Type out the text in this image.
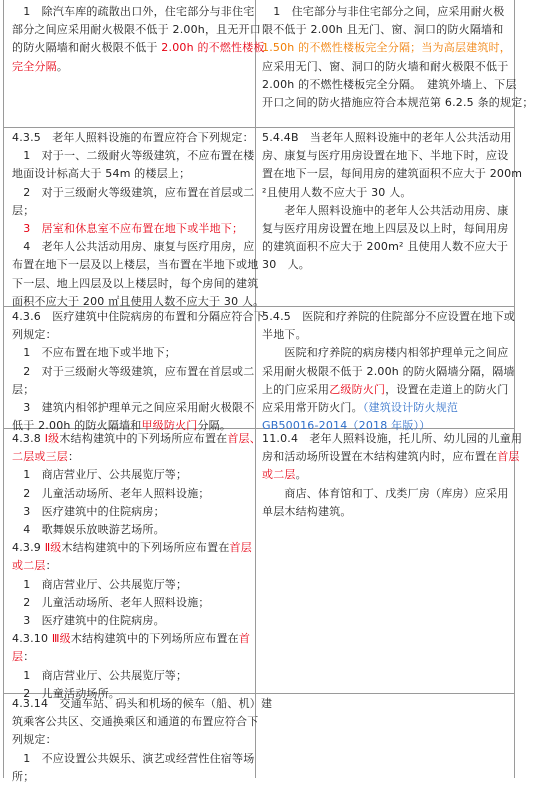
　1　除汽车库的疏散出口外，住宅部分与非住宅

部分之间应采用耐火极限不低于 2.00h，且无开口

的防火隔墙和耐火极限不低于 2.00h 的不燃性楼板

完全分隔。

　1　住宅部分与非住宅部分之间，应采用耐火极

限不低于 2.00h 且无门、窗、洞口的防火隔墙和

1.50h 的不燃性楼板完全分隔；当为高层建筑时，

应采用无门、窗、洞口的防火墙和耐火极限不低于

2.00h 的不燃性楼板完全分隔。　建筑外墙上、下层

开口之间的防火措施应符合本规范第 6.2.5 条的规定；

4.3.5　老年人照料设施的布置应符合下列规定：

　1　对于一、二级耐火等级建筑，不应布置在楼

地面设计标高大于 54m 的楼层上；

　2　对于三级耐火等级建筑，应布置在首层或二

层；

　3　居室和休息室不应布置在地下或半地下；

　4　老年人公共活动用房、康复与医疗用房，应

布置在地下一层及以上楼层，当布置在半地下或地

下一层、地上四层及以上楼层时，每个房间的建筑

面积不应大于 200 ㎡且使用人数不应大于 30 人。

5.4.4B　当老年人照料设施中的老年人公共活动用

房、康复与医疗用房设置在地下、半地下时，应设

置在地下一层，每间用房的建筑面积不应大于 200m

²且使用人数不应大于 30 人。

　　老年人照料设施中的老年人公共活动用房、康

复与医疗用房设置在地上四层及以上时，每间用房

的建筑面积不应大于 200m² 且使用人数不应大于

30　人。

4.3.6　医疗建筑中住院病房的布置和分隔应符合下

列规定：

　1　不应布置在地下或半地下；

　2　对于三级耐火等级建筑，应布置在首层或二

层；

　3　建筑内相邻护理单元之间应采用耐火极限不

低于 2.00h 的防火隔墙和甲级防火门分隔。

5.4.5　医院和疗养院的住院部分不应设置在地下或

半地下。

　　医院和疗养院的病房楼内相邻护理单元之间应

采用耐火极限不低于 2.00h 的防火隔墙分隔，隔墙

上的门应采用乙级防火门，设置在走道上的防火门

应采用常开防火门。（建筑设计防火规范

GB50016-2014（2018 年版））

4.3.8 Ⅰ级木结构建筑中的下列场所应布置在首层、

二层或三层：

　1　商店营业厅、公共展览厅等；

　2　儿童活动场所、老年人照料设施；

　3　医疗建筑中的住院病房；

　4　歌舞娱乐放映游艺场所。

4.3.9 Ⅱ级木结构建筑中的下列场所应布置在首层

或二层：

　1　商店营业厅、公共展览厅等；

　2　儿童活动场所、老年人照料设施；

　3　医疗建筑中的住院病房。

4.3.10 Ⅲ级木结构建筑中的下列场所应布置在首

层：

　1　商店营业厅、公共展览厅等；

　2　儿童活动场所。

11.0.4　老年人照料设施，托儿所、幼儿园的儿童用

房和活动场所设置在木结构建筑内时，应布置在首层

或二层。

　　商店、体育馆和丁、戊类厂房（库房）应采用

单层木结构建筑。

4.3.14　交通车站、码头和机场的候车（船、机）建

筑乘客公共区、交通换乘区和通道的布置应符合下

列规定：

　1　不应设置公共娱乐、演艺或经营性住宿等场

所；
